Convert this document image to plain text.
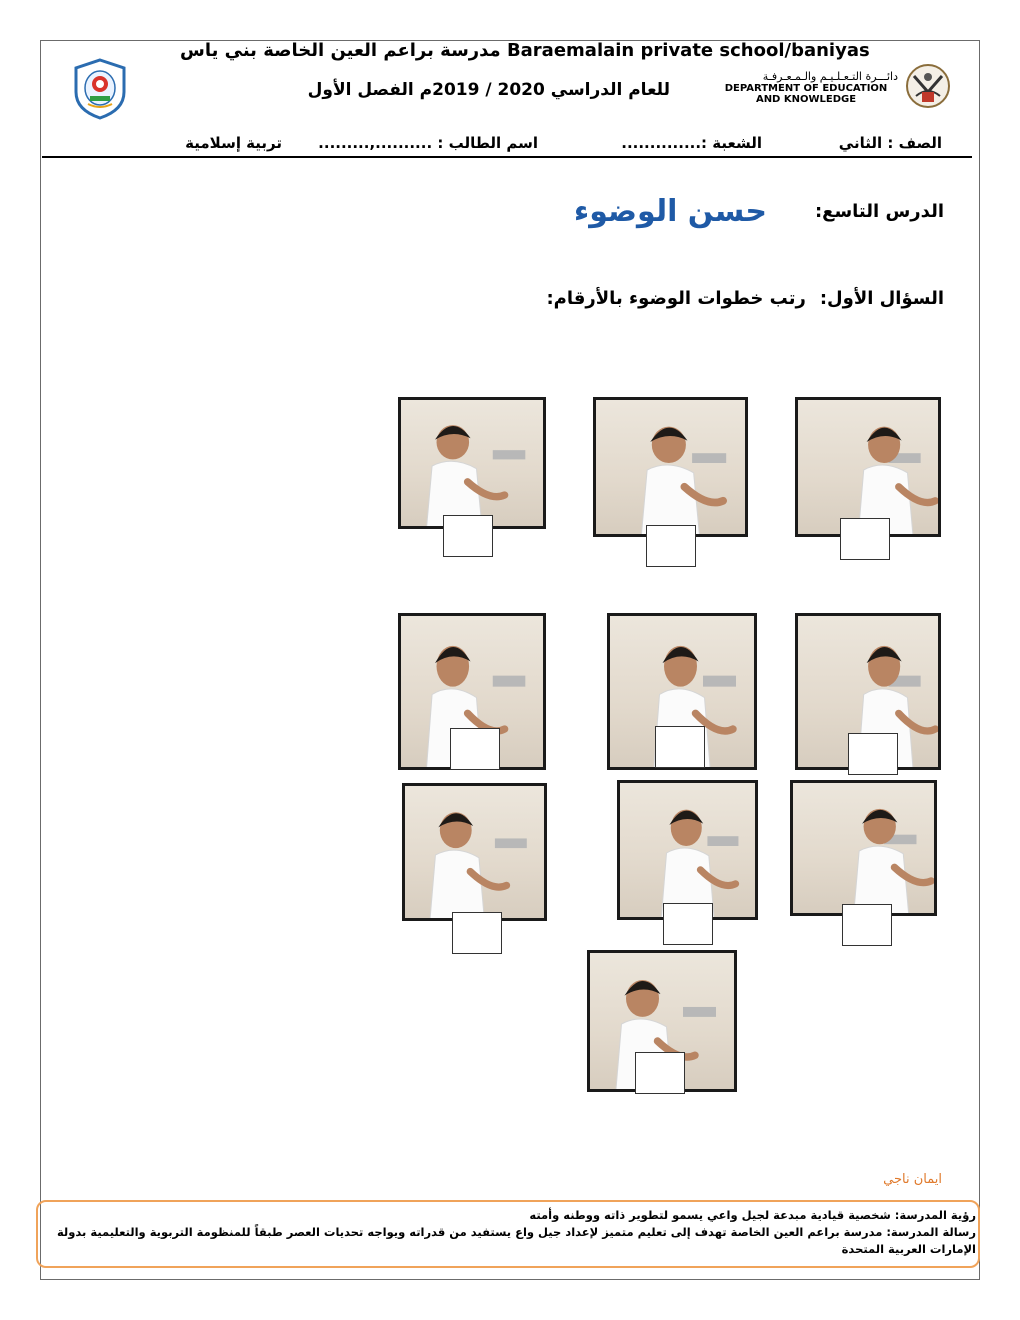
مدرسة براعم العين الخاصة بني ياس Baraemalain private school/baniyas
للعام الدراسي 2020 / 2019م الفصل الأول
دائـــرة التـعـلـيـم والـمـعـرفـة
DEPARTMENT OF EDUCATION
AND KNOWLEDGE
الصف : الثاني
الشعبة :..............
اسم الطالب : ..........,.........
تربية إسلامية
الدرس التاسع:حسن الوضوء
السؤال الأول:رتب خطوات الوضوء بالأرقام:
ايمان ناجي
رؤية المدرسة: شخصية قيادية مبدعة لجيل واعي يسمو لتطوير ذاته ووطنه وأمته
رسالة المدرسة: مدرسة براعم العين الخاصة تهدف إلى تعليم متميز لإعداد جيل واع يستفيد من قدراته ويواجه تحديات العصر طبقاً للمنظومة التربوية والتعليمية بدولة الإمارات العربية المتحدة
